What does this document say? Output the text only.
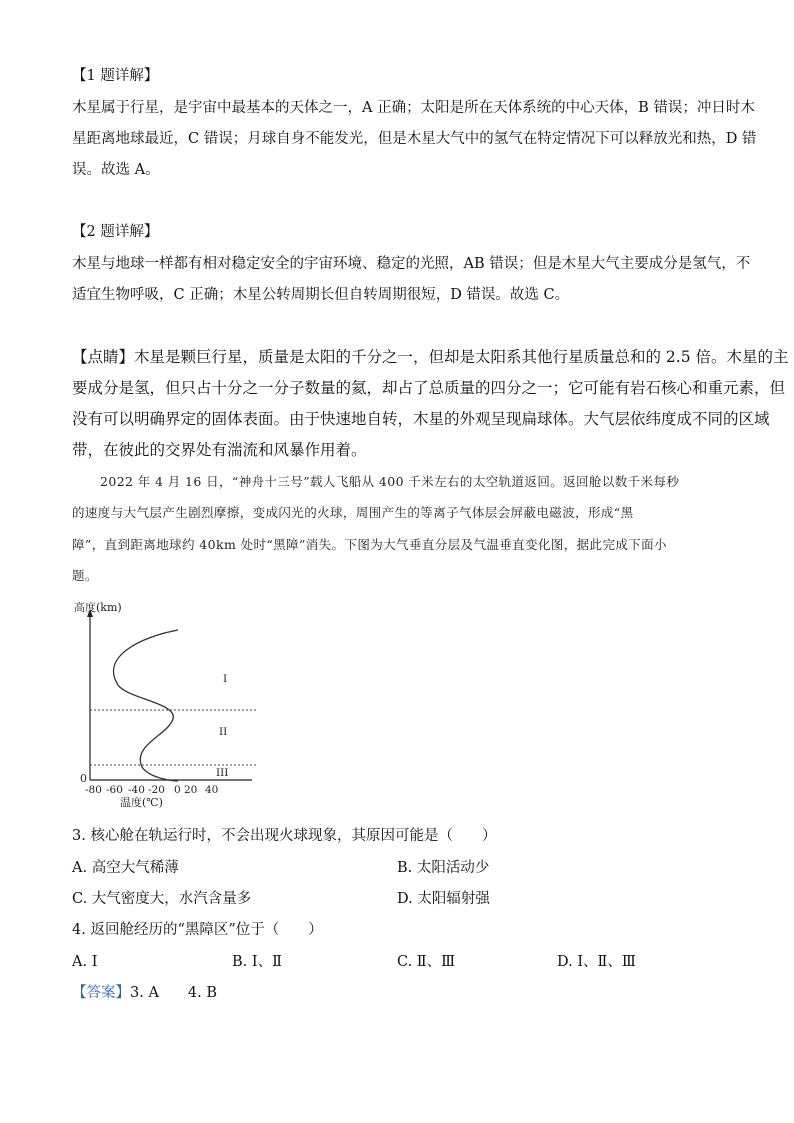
【1 题详解】
木星属于行星，是宇宙中最基本的天体之一，A 正确；太阳是所在天体系统的中心天体，B 错误；冲日时木
星距离地球最近，C 错误；月球自身不能发光，但是木星大气中的氢气在特定情况下可以释放光和热，D 错
误。故选 A。
【2 题详解】
木星与地球一样都有相对稳定安全的宇宙环境、稳定的光照，AB 错误；但是木星大气主要成分是氢气，不
适宜生物呼吸，C 正确；木星公转周期长但自转周期很短，D 错误。故选 C。
【点睛】木星是颗巨行星，质量是太阳的千分之一，但却是太阳系其他行星质量总和的 2.5 倍。木星的主
要成分是氢，但只占十分之一分子数量的氦，却占了总质量的四分之一；它可能有岩石核心和重元素，但
没有可以明确界定的固体表面。由于快速地自转，木星的外观呈现扁球体。大气层依纬度成不同的区域
带，在彼此的交界处有湍流和风暴作用着。
2022 年 4 月 16 日，“神舟十三号”载人飞船从 400 千米左右的太空轨道返回。返回舱以数千米每秒
的速度与大气层产生剧烈摩擦，变成闪光的火球，周围产生的等离子气体层会屏蔽电磁波，形成“黑
障”，直到距离地球约 40km 处时“黑障”消失。下图为大气垂直分层及气温垂直变化图，据此完成下面小
题。
高度(km)
0
-80 -60 -40 -20 0 20 40
温度(℃)
I
II
III
3. 核心舱在轨运行时，不会出现火球现象，其原因可能是（　　）
A. 高空大气稀薄	B. 太阳活动少
C. 大气密度大，水汽含量多	D. 太阳辐射强
4. 返回舱经历的“黑障区”位于（　　）
A. Ⅰ	B. Ⅰ、Ⅱ	C. Ⅱ、Ⅲ	D. Ⅰ、Ⅱ、Ⅲ
【答案】3. A　　4. B
